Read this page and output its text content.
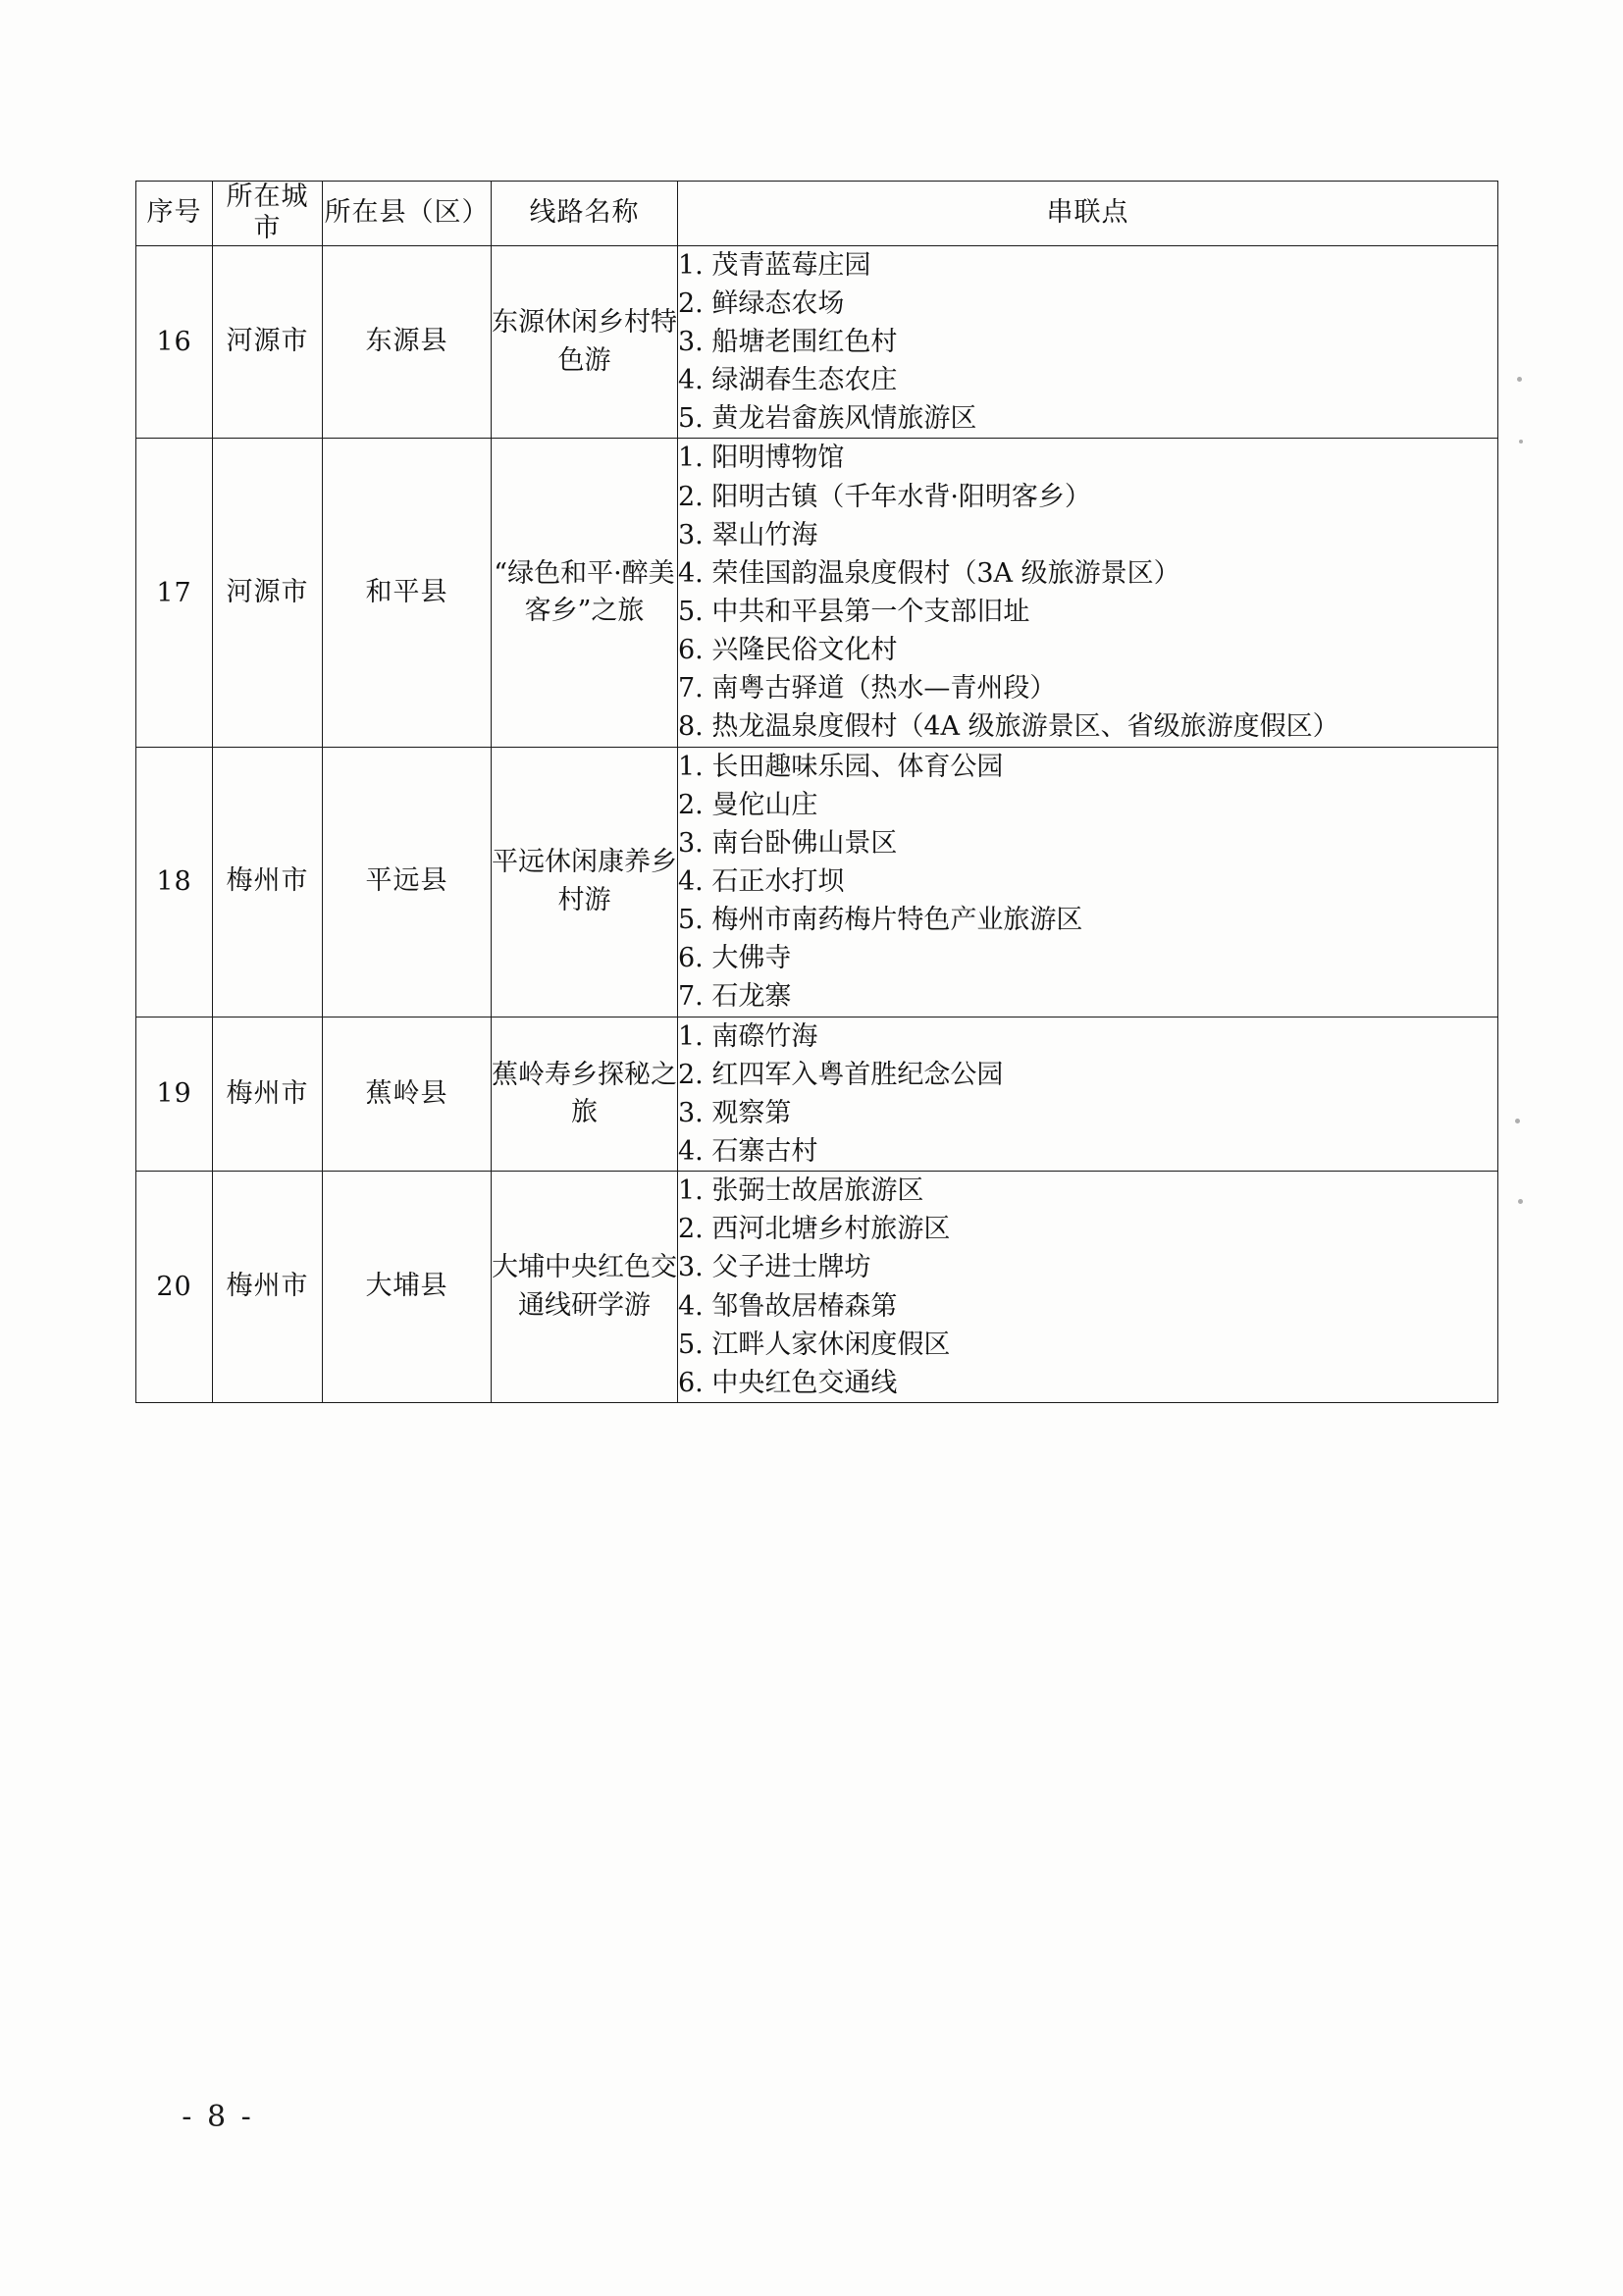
序号	所在城市	所在县（区）	线路名称	串联点
16	河源市	东源县	东源休闲乡村特色游	1. 茂青蓝莓庄园
2. 鲜绿态农场
3. 船塘老围红色村
4. 绿湖春生态农庄
5. 黄龙岩畲族风情旅游区

17	河源市	和平县	“绿色和平·醉美客乡”之旅	
1. 阳明博物馆
2. 阳明古镇（千年水背·阳明客乡）
3. 翠山竹海
4. 荣佳国韵温泉度假村（3A 级旅游景区）
5. 中共和平县第一个支部旧址
6. 兴隆民俗文化村
7. 南粤古驿道（热水—青州段）
8. 热龙温泉度假村（4A 级旅游景区、省级旅游度假区）

18	梅州市	平远县	平远休闲康养乡村游	
1. 长田趣味乐园、体育公园
2. 曼佗山庄
3. 南台卧佛山景区
4. 石正水打坝
5. 梅州市南药梅片特色产业旅游区
6. 大佛寺
7. 石龙寨

19	梅州市	蕉岭县	蕉岭寿乡探秘之旅	1. 南磜竹海
2. 红四军入粤首胜纪念公园
3. 观察第
4. 石寨古村

20	梅州市	大埔县	大埔中央红色交通线研学游	
1. 张弼士故居旅游区
2. 西河北塘乡村旅游区
3. 父子进士牌坊
4. 邹鲁故居椿森第
5. 江畔人家休闲度假区
6. 中央红色交通线
- 8 -
